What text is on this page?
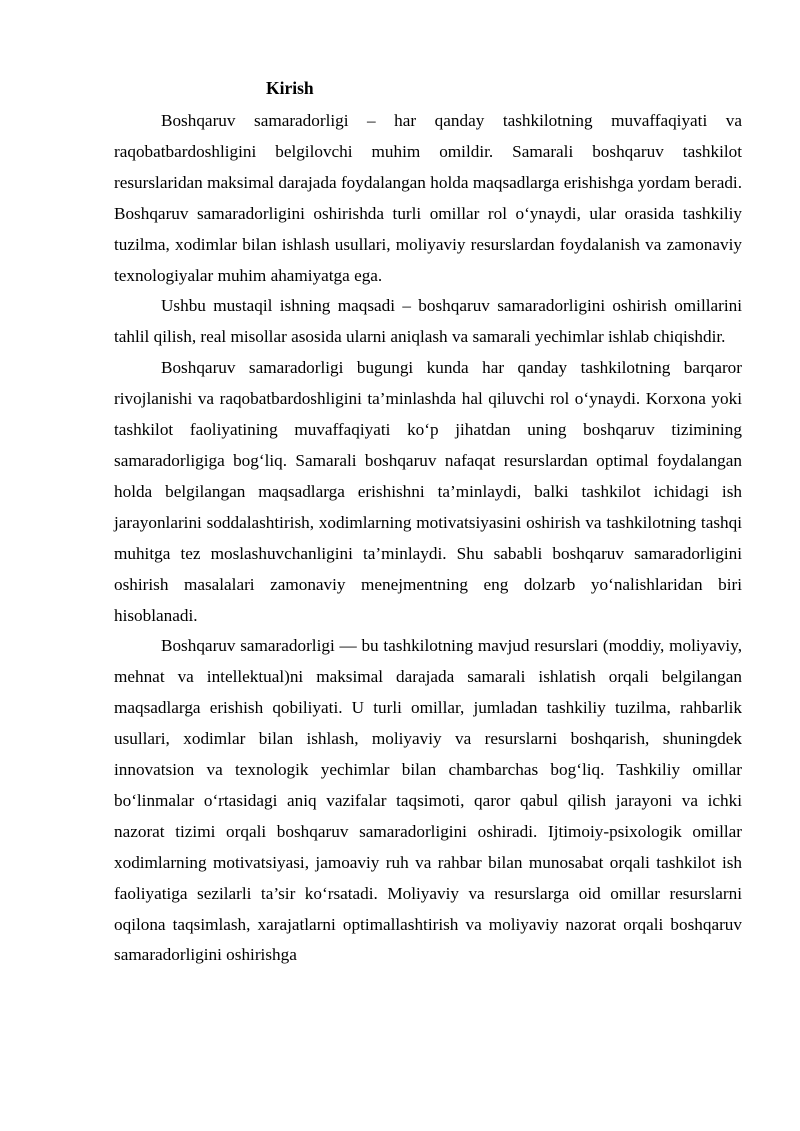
Kirish

Boshqaruv samaradorligi – har qanday tashkilotning muvaffaqiyati va raqobatbardoshligini belgilovchi muhim omildir. Samarali boshqaruv tashkilot resurslaridan maksimal darajada foydalangan holda maqsadlarga erishishga yordam beradi. Boshqaruv samaradorligini oshirishda turli omillar rol o‘ynaydi, ular orasida tashkiliy tuzilma, xodimlar bilan ishlash usullari, moliyaviy resurslardan foydalanish va zamonaviy texnologiyalar muhim ahamiyatga ega.

Ushbu mustaqil ishning maqsadi – boshqaruv samaradorligini oshirish omillarini tahlil qilish, real misollar asosida ularni aniqlash va samarali yechimlar ishlab chiqishdir.

Boshqaruv samaradorligi bugungi kunda har qanday tashkilotning barqaror rivojlanishi va raqobatbardoshligini ta’minlashda hal qiluvchi rol o‘ynaydi. Korxona yoki tashkilot faoliyatining muvaffaqiyati ko‘p jihatdan uning boshqaruv tizimining samaradorligiga bog‘liq. Samarali boshqaruv nafaqat resurslardan optimal foydalangan holda belgilangan maqsadlarga erishishni ta’minlaydi, balki tashkilot ichidagi ish jarayonlarini soddalashtirish, xodimlarning motivatsiyasini oshirish va tashkilotning tashqi muhitga tez moslashuvchanligini ta’minlaydi. Shu sababli boshqaruv samaradorligini oshirish masalalari zamonaviy menejmentning eng dolzarb yo‘nalishlaridan biri hisoblanadi.

Boshqaruv samaradorligi — bu tashkilotning mavjud resurslari (moddiy, moliyaviy, mehnat va intellektual)ni maksimal darajada samarali ishlatish orqali belgilangan maqsadlarga erishish qobiliyati. U turli omillar, jumladan tashkiliy tuzilma, rahbarlik usullari, xodimlar bilan ishlash, moliyaviy va resurslarni boshqarish, shuningdek innovatsion va texnologik yechimlar bilan chambarchas bog‘liq. Tashkiliy omillar bo‘linmalar o‘rtasidagi aniq vazifalar taqsimoti, qaror qabul qilish jarayoni va ichki nazorat tizimi orqali boshqaruv samaradorligini oshiradi. Ijtimoiy-psixologik omillar xodimlarning motivatsiyasi, jamoaviy ruh va rahbar bilan munosabat orqali tashkilot ish faoliyatiga sezilarli ta’sir ko‘rsatadi. Moliyaviy va resurslarga oid omillar resurslarni oqilona taqsimlash, xarajatlarni optimallashtirish va moliyaviy nazorat orqali boshqaruv samaradorligini oshirishga
